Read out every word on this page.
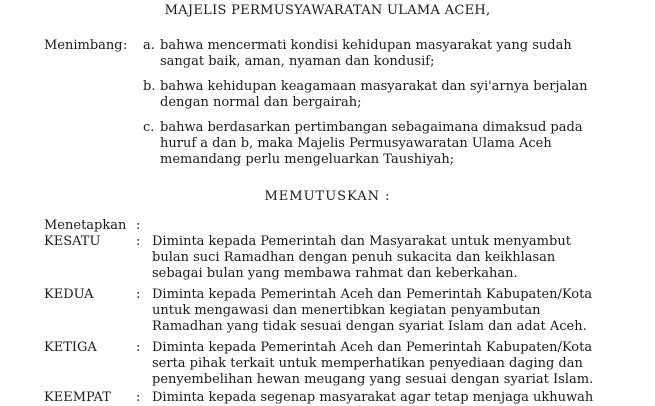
MAJELIS PERMUSYAWARATAN ULAMA ACEH,
Menimbang : a. bahwa mencermati kondisi kehidupan masyarakat yang sudah
sangat baik, aman, nyaman dan kondusif;
b. bahwa kehidupan keagamaan masyarakat dan syi'arnya berjalan
dengan normal dan bergairah;
c. bahwa berdasarkan pertimbangan sebagaimana dimaksud pada
huruf a dan b, maka Majelis Permusyawaratan Ulama Aceh
memandang perlu mengeluarkan Taushiyah;
MEMUTUSKAN :
Menetapkan :
KESATU	: Diminta kepada Pemerintah dan Masyarakat untuk menyambut
bulan suci Ramadhan dengan penuh sukacita dan keikhlasan
sebagai bulan yang membawa rahmat dan keberkahan.
KEDUA	: Diminta kepada Pemerintah Aceh dan Pemerintah Kabupaten/Kota
untuk mengawasi dan menertibkan kegiatan penyambutan
Ramadhan yang tidak sesuai dengan syariat Islam dan adat Aceh.
KETIGA	: Diminta kepada Pemerintah Aceh dan Pemerintah Kabupaten/Kota
serta pihak terkait untuk memperhatikan penyediaan daging dan
penyembelihan hewan meugang yang sesuai dengan syariat Islam.
KEEMPAT : Diminta kepada segenap masyarakat agar tetap menjaga ukhuwah
